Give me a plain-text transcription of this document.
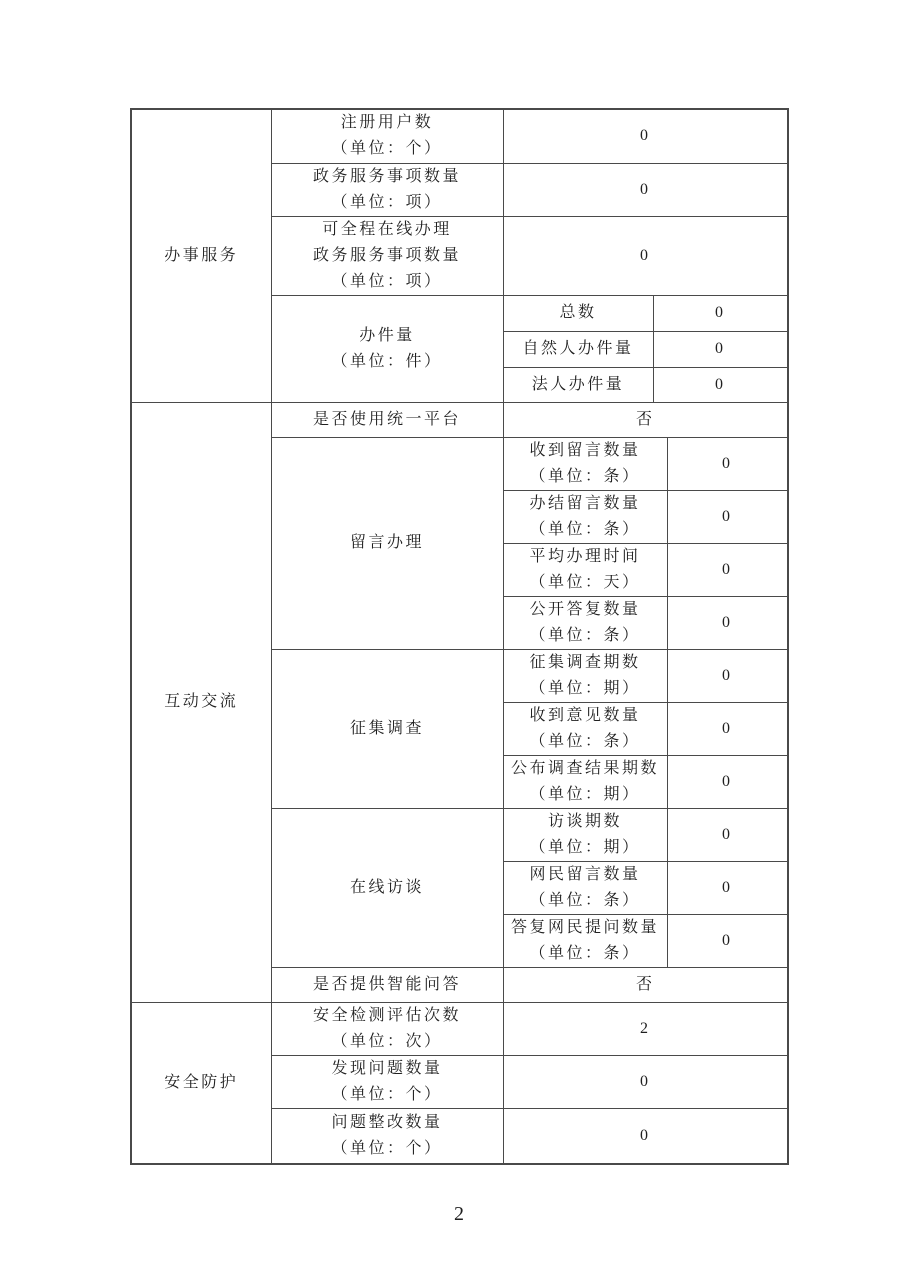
办事服务	注册用户数
（单位：个）	0		

	政务服务事项数量
（单位：项）	0		

	可全程在线办理
政务服务事项数量
（单位：项）	0		

	办件量
（单位：件）	总数	0	

		自然人办件量	0	

		法人办件量	0	
互动交流	是否使用统一平台	否		

	留言办理	收到留言数量
（单位：条）		0

		办结留言数量
（单位：条）		0

		平均办理时间
（单位：天）		0

		公开答复数量
（单位：条）		0

	征集调查	征集调查期数
（单位：期）		0

		收到意见数量
（单位：条）		0

		公布调查结果期数
（单位：期）		0

	在线访谈	访谈期数
（单位：期）		0

		网民留言数量
（单位：条）		0

		答复网民提问数量
（单位：条）		0

	是否提供智能问答	否		
安全防护	安全检测评估次数
（单位：次）	2		

	发现问题数量
（单位：个）	0		

	问题整改数量
（单位：个）	0		
2
